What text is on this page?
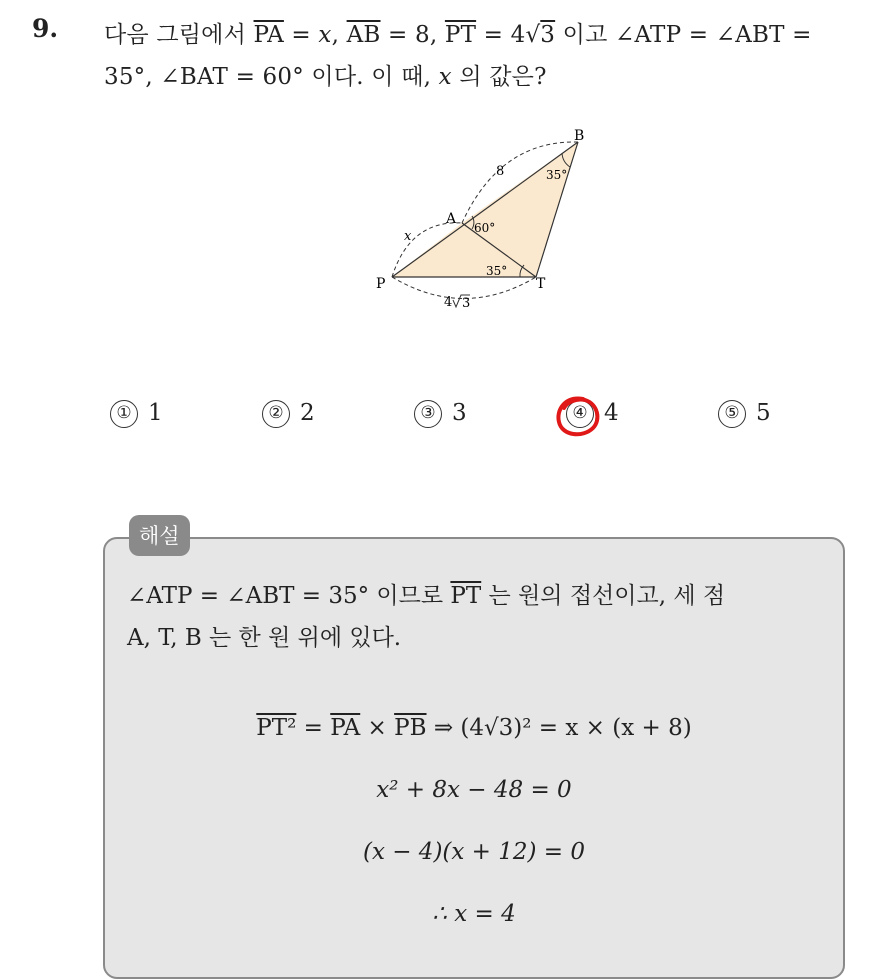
9. 다음 그림에서 $\overline{PA} = x$, $\overline{AB} = 8$, $\overline{PT} = 4√3$ 이고 ∠ATP = ∠ABT =
35°, ∠BAT = 60° 이다. 이 때, x 의 값은?
B
A
P	T
8
x
35°
60°
35°
4 3
① 1	② 2	③ 3	④ 4	⑤ 5
∠ATP = ∠ABT = 35° 이므로 $\overline{PT}$ 는 원의 접선이고, 세 점
A, T, B 는 한 원 위에 있다.
$PT^2 = \overline{PA} \times \overline{PB}$ ⇒ (4√3)² = x × (x + 8)
x² + 8x − 48 = 0
(x − 4)(x + 12) = 0
∴ x = 4
해설
